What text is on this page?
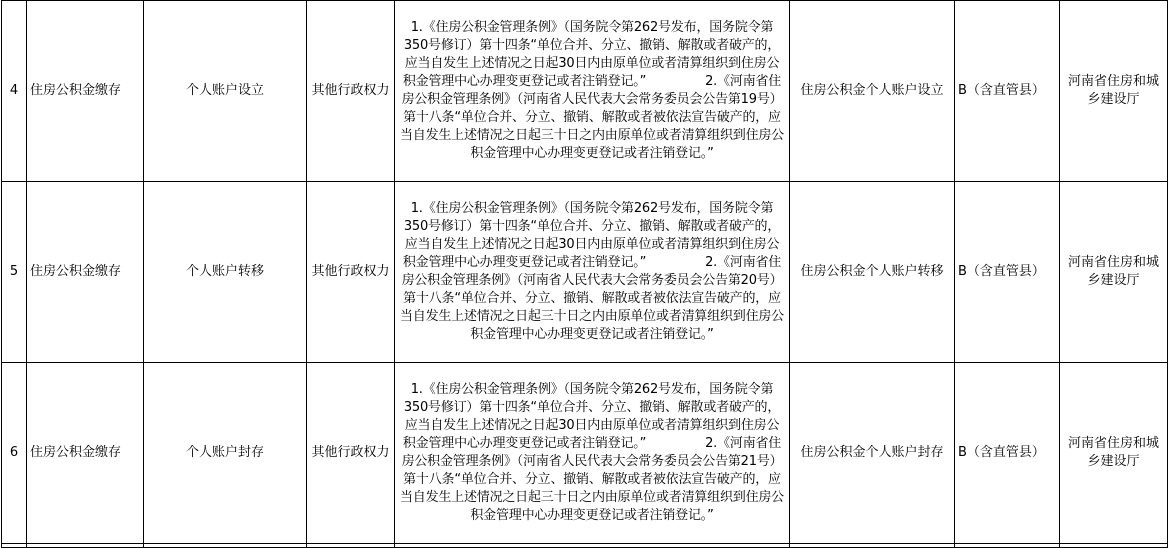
4	住房公积金缴存	个人账户设立	其他行政权力	1.《住房公积金管理条例》（国务院令第262号发布，国务院令第350号修订）第十四条“单位合并、分立、撤销、解散或者破产的，应当自发生上述情况之日起30日内由原单位或者清算组织到住房公积金管理中心办理变更登记或者注销登记。”               2.《河南省住房公积金管理条例》（河南省人民代表大会常务委员会公告第19号）第十八条“单位合并、分立、撤销、解散或者被依法宣告破产的，应当自发生上述情况之日起三十日之内由原单位或者清算组织到住房公积金管理中心办理变更登记或者注销登记。”	住房公积金个人账户设立	B（含直管县）	河南省住房和城乡建设厅
5	住房公积金缴存	个人账户转移	其他行政权力	1.《住房公积金管理条例》（国务院令第262号发布，国务院令第350号修订）第十四条“单位合并、分立、撤销、解散或者破产的，应当自发生上述情况之日起30日内由原单位或者清算组织到住房公积金管理中心办理变更登记或者注销登记。”               2.《河南省住房公积金管理条例》（河南省人民代表大会常务委员会公告第20号）第十八条“单位合并、分立、撤销、解散或者被依法宣告破产的，应当自发生上述情况之日起三十日之内由原单位或者清算组织到住房公积金管理中心办理变更登记或者注销登记。”	住房公积金个人账户转移	B（含直管县）	河南省住房和城乡建设厅
6	住房公积金缴存	个人账户封存	其他行政权力	1.《住房公积金管理条例》（国务院令第262号发布，国务院令第350号修订）第十四条“单位合并、分立、撤销、解散或者破产的，应当自发生上述情况之日起30日内由原单位或者清算组织到住房公积金管理中心办理变更登记或者注销登记。”               2.《河南省住房公积金管理条例》（河南省人民代表大会常务委员会公告第21号）第十八条“单位合并、分立、撤销、解散或者被依法宣告破产的，应当自发生上述情况之日起三十日之内由原单位或者清算组织到住房公积金管理中心办理变更登记或者注销登记。”	住房公积金个人账户封存	B（含直管县）	河南省住房和城乡建设厅
